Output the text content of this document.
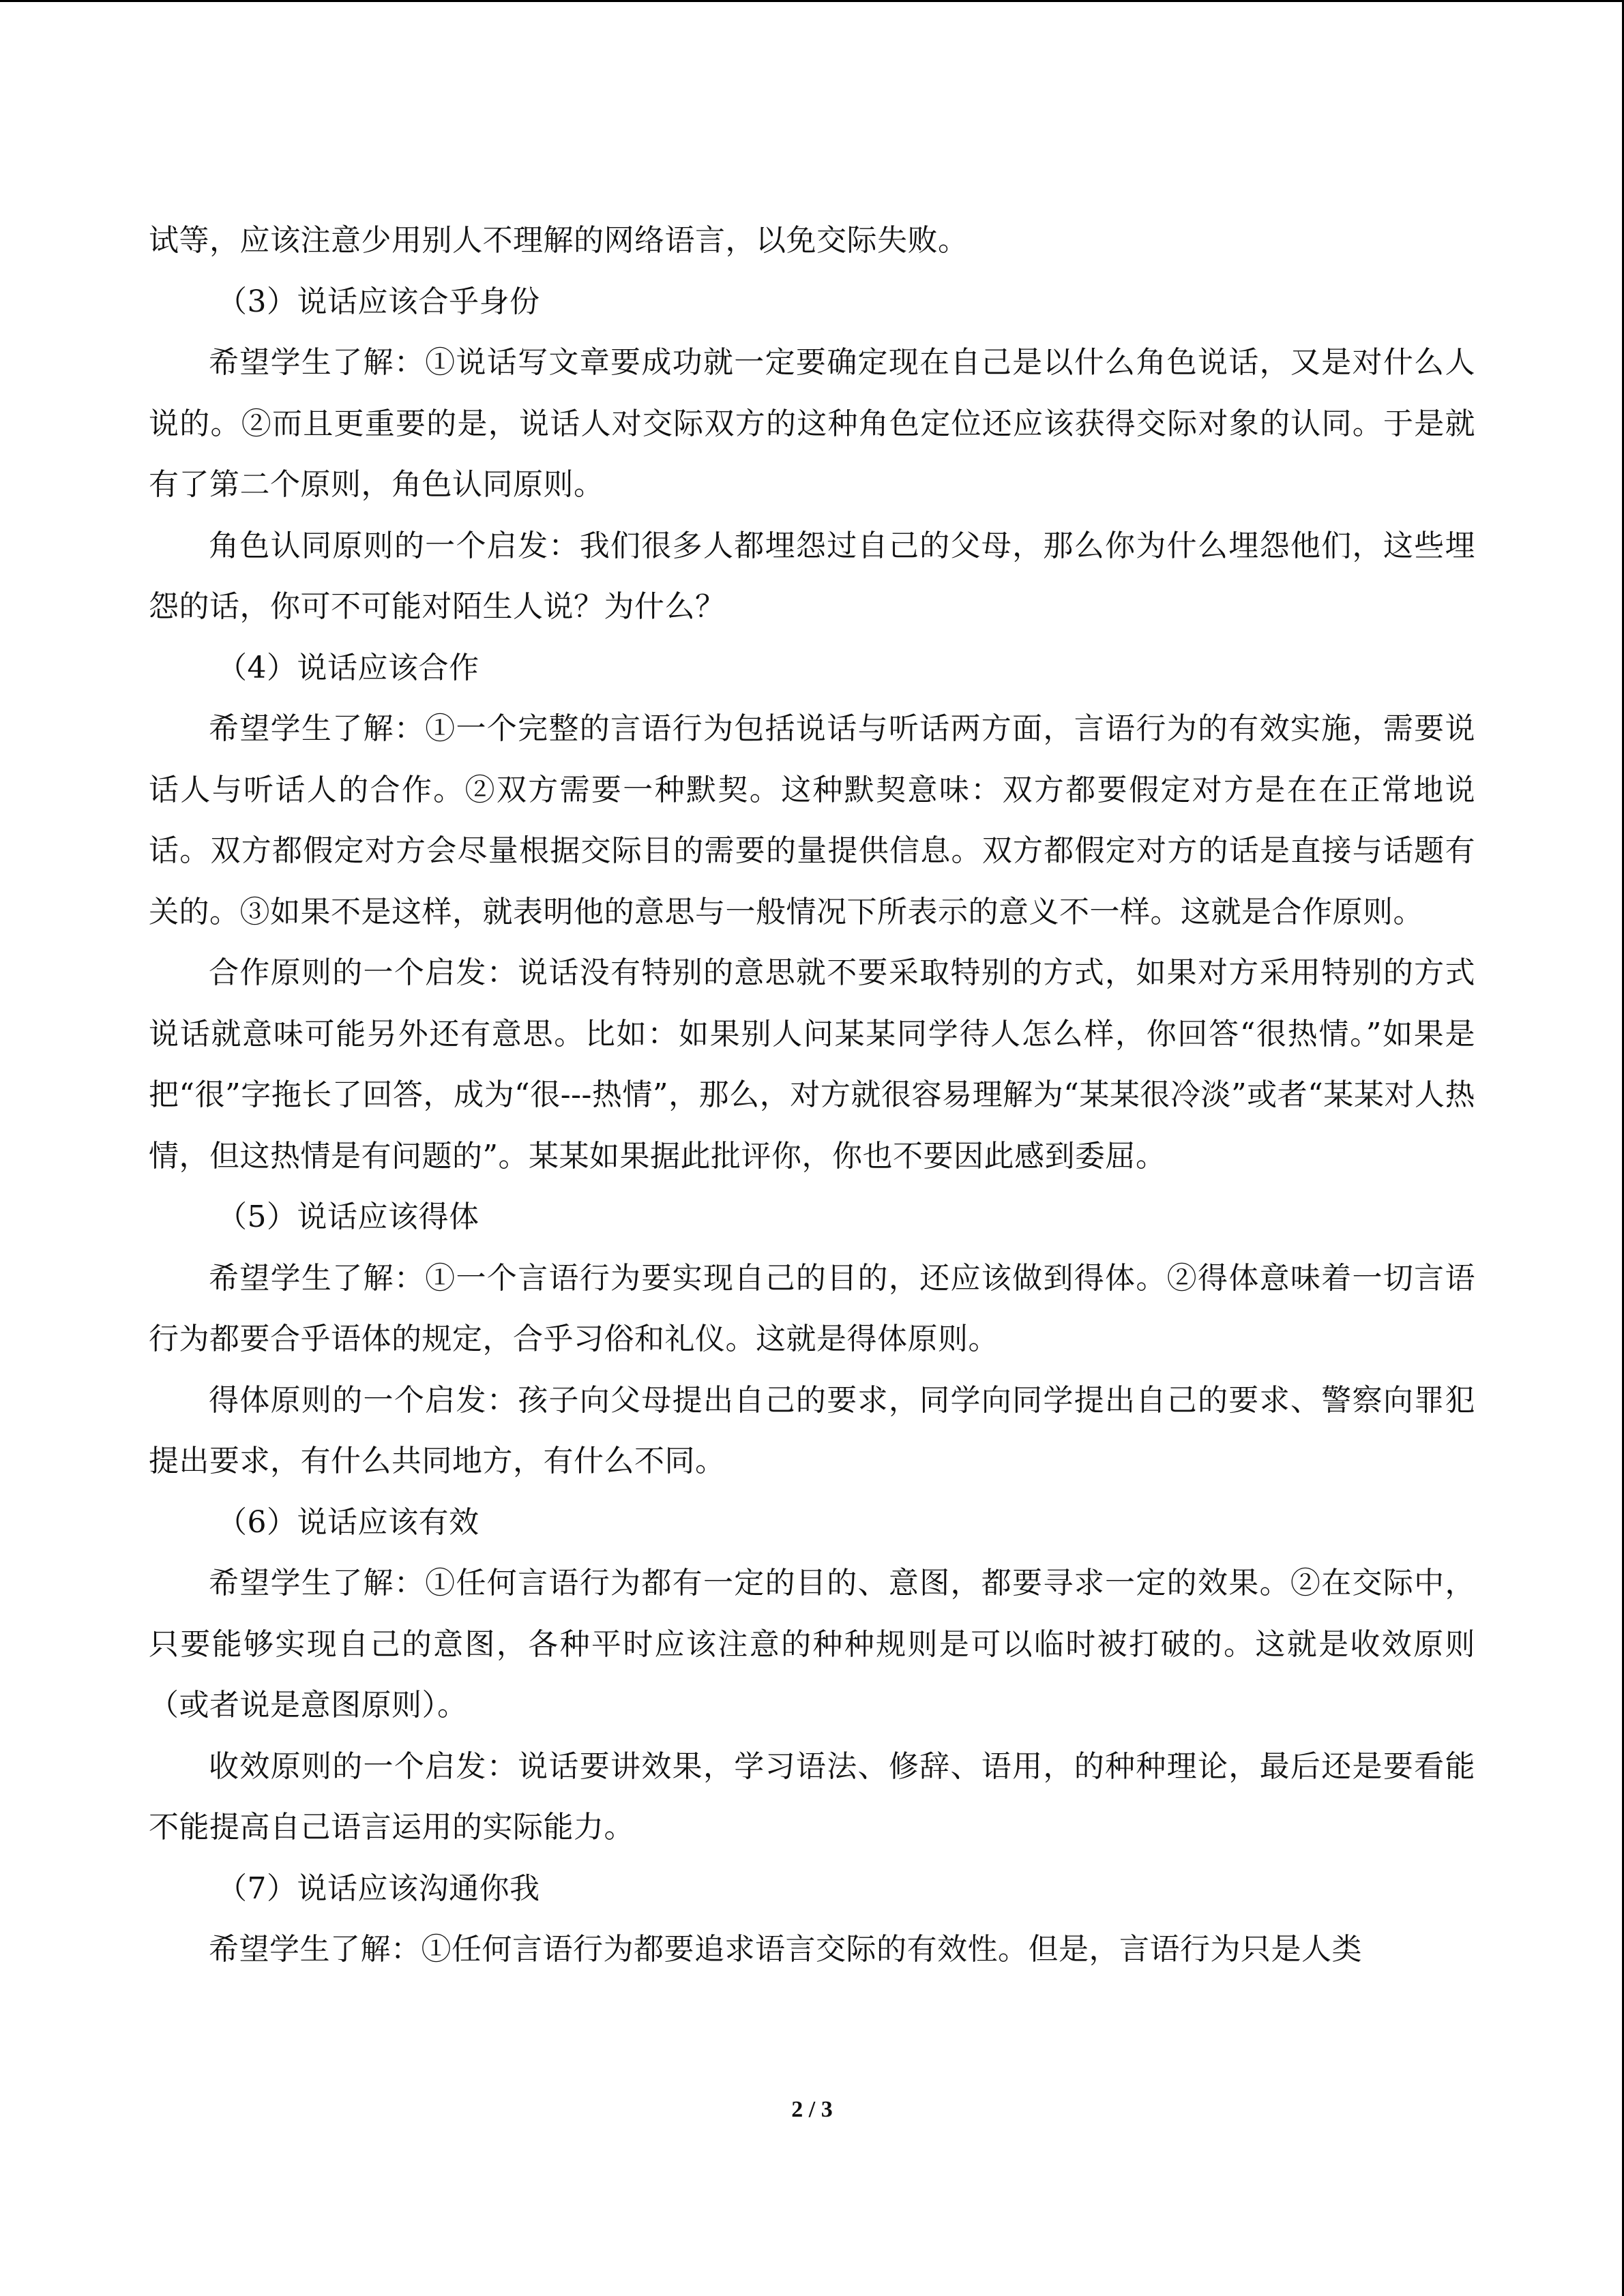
试等，应该注意少用别人不理解的网络语言，以免交际失败。

（3）说话应该合乎身份

希望学生了解：①说话写文章要成功就一定要确定现在自己是以什么角色说话，又是对什么人说的。②而且更重要的是，说话人对交际双方的这种角色定位还应该获得交际对象的认同。于是就有了第二个原则，角色认同原则。

角色认同原则的一个启发：我们很多人都埋怨过自己的父母，那么你为什么埋怨他们，这些埋怨的话，你可不可能对陌生人说？为什么？

（4）说话应该合作

希望学生了解：①一个完整的言语行为包括说话与听话两方面，言语行为的有效实施，需要说话人与听话人的合作。②双方需要一种默契。这种默契意味：双方都要假定对方是在在正常地说话。双方都假定对方会尽量根据交际目的需要的量提供信息。双方都假定对方的话是直接与话题有关的。③如果不是这样，就表明他的意思与一般情况下所表示的意义不一样。这就是合作原则。

合作原则的一个启发：说话没有特别的意思就不要采取特别的方式，如果对方采用特别的方式说话就意味可能另外还有意思。比如：如果别人问某某同学待人怎么样，你回答“很热情。”如果是把“很”字拖长了回答，成为“很---热情”，那么，对方就很容易理解为“某某很冷淡”或者“某某对人热情，但这热情是有问题的”。某某如果据此批评你，你也不要因此感到委屈。

（5）说话应该得体

希望学生了解：①一个言语行为要实现自己的目的，还应该做到得体。②得体意味着一切言语行为都要合乎语体的规定，合乎习俗和礼仪。这就是得体原则。

得体原则的一个启发：孩子向父母提出自己的要求，同学向同学提出自己的要求、警察向罪犯提出要求，有什么共同地方，有什么不同。

（6）说话应该有效

希望学生了解：①任何言语行为都有一定的目的、意图，都要寻求一定的效果。②在交际中，只要能够实现自己的意图，各种平时应该注意的种种规则是可以临时被打破的。这就是收效原则（或者说是意图原则）。

收效原则的一个启发：说话要讲效果，学习语法、修辞、语用，的种种理论，最后还是要看能不能提高自己语言运用的实际能力。

（7）说话应该沟通你我

希望学生了解：①任何言语行为都要追求语言交际的有效性。但是，言语行为只是人类

2 / 3
